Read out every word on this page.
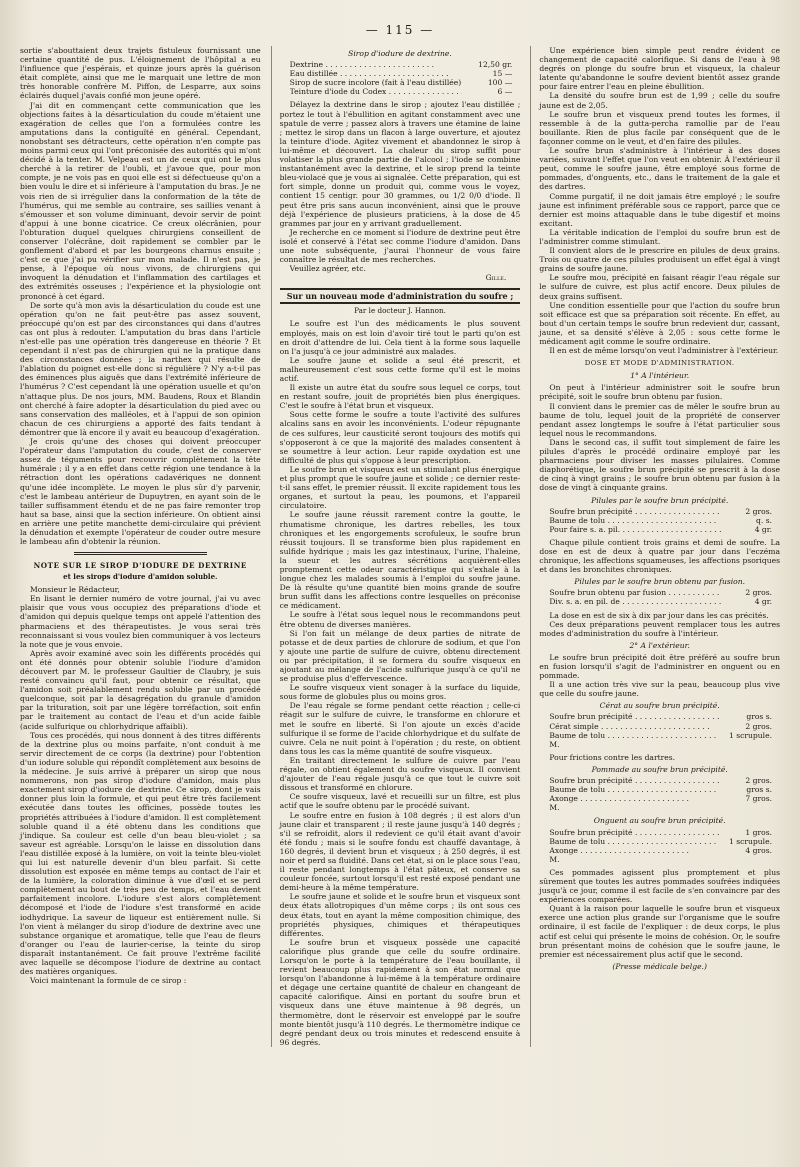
— 115 —

sortie s'abouttaient deux trajets fistuleux fournissant une certaine quantité de pus. L'éloignement de l'hôpital a eu l'influence que j'espérais, et quinze jours après la guérison était complète, ainsi que me le marquait une lettre de mon très honorable confrère M. Piffon, de Lesparre, aux soins éclairés duquel j'avais confié mon jeune opéré.

J'ai dit en commençant cette communication que les objections faites à la désarticulation du coude m'étaient une exagération de celles que l'on a formulées contre les amputations dans la contiguïté en général. Cependant, nonobstant ses détracteurs, cette opération n'en compte pas moins parmi ceux qui l'ont préconisée des autorités qui m'ont décidé à la tenter. M. Velpeau est un de ceux qui ont le plus cherché à la retirer de l'oubli, et j'avoue que, pour mon compte, je ne vois pas en quoi elle est si défectueuse qu'on a bien voulu le dire et si inférieure à l'amputation du bras. Je ne vois rien de si irrégulier dans la conformation de la tête de l'humérus, qui me semble au contraire, ses saillies venant à s'émousser et son volume diminuant, devoir servir de point d'appui à une bonne cicatrice. Ce creux olécrânien, pour l'obturation duquel quelques chirurgiens conseillent de conserver l'olécrâne, doit rapidement se combler par le gonflement d'abord et par les bourgeons charnus ensuite ; c'est ce que j'ai pu vérifier sur mon malade. Il n'est pas, je pense, à l'époque où nous vivons, de chirurgiens qui invoquent la dénudation et l'inflammation des cartilages et des extrémités osseuses ; l'expérience et la physiologie ont prononcé à cet égard.

De sorte qu'à mon avis la désarticulation du coude est une opération qu'on ne fait peut-être pas assez souvent, préoccupé qu'on est par des circonstances qui dans d'autres cas ont plus à redouter. L'amputation du bras dans l'article n'est-elle pas une opération très dangereuse en théorie ? Et cependant il n'est pas de chirurgien qui ne la pratique dans des circonstances données ; la narthex qui résulte de l'ablation du poignet est-elle donc si régulière ? N'y a-t-il pas des éminences plus aiguës que dans l'extrémité inférieure de l'humérus ? C'est cependant là une opération usuelle et qu'on n'attaque plus. De nos jours, MM. Baudens, Roux et Blandin ont cherché à faire adopter la désarticulation du pied avec ou sans conservation des malléoles, et à l'appui de son opinion chacun de ces chirurgiens a apporté des faits tendant à démontrer que là encore il y avait eu beaucoup d'exagération.

Je crois qu'une des choses qui doivent préoccuper l'opérateur dans l'amputation du coude, c'est de conserver assez de téguments pour recouvrir complètement la tête humérale ; il y a en effet dans cette région une tendance à la rétraction dont les opérations cadavériques ne donnent qu'une idée incomplète. Le moyen le plus sûr d'y parvenir, c'est le lambeau antérieur de Dupuytren, en ayant soin de le tailler suffisamment étendu et de ne pas faire remonter trop haut sa base, ainsi que la section inférieure. On obtient ainsi en arrière une petite manchette demi-circulaire qui prévient la dénudation et exempte l'opérateur de couder outre mesure le lambeau afin d'obtenir la réunion.

NOTE SUR LE SIROP D'IODURE DE DEXTRINE
et les sirops d'iodure d'amidon soluble.

Monsieur le Rédacteur,

En lisant le dernier numéro de votre journal, j'ai vu avec plaisir que vous vous occupiez des préparations d'iode et d'amidon qui depuis quelque temps ont appelé l'attention des pharmaciens et des thérapeutistes. Je vous serai très reconnaissant si vous voulez bien communiquer à vos lecteurs la note que je vous envoie.

Après avoir examiné avec soin les différents procédés qui ont été donnés pour obtenir soluble l'iodure d'amidon découvert par M. le professeur Gaultier de Claubry, je suis resté convaincu qu'il faut, pour obtenir ce résultat, que l'amidon soit préalablement rendu soluble par un procédé quelconque, soit par la désagrégation du granule d'amidon par la trituration, soit par une légère torréfaction, soit enfin par le traitement au contact de l'eau et d'un acide faible (acide sulfurique ou chlorhydrique affaibli).

Tous ces procédés, qui nous donnent à des titres différents de la dextrine plus ou moins parfaite, n'ont conduit à me servir directement de ce corps (la dextrine) pour l'obtention d'un iodure soluble qui répondît complètement aux besoins de la médecine. Je suis arrivé à préparer un sirop que nous nommerons, non pas sirop d'iodure d'amidon, mais plus exactement sirop d'iodure de dextrine. Ce sirop, dont je vais donner plus loin la formule, et qui peut être très facilement exécutée dans toutes les officines, possède toutes les propriétés attribuées à l'iodure d'amidon. Il est complètement soluble quand il a été obtenu dans les conditions que j'indique. Sa couleur est celle d'un beau bleu-violet ; sa saveur est agréable. Lorsqu'on le laisse en dissolution dans l'eau distillée exposé à la lumière, on voit la teinte bleu-violet qui lui est naturelle devenir d'un bleu parfait. Si cette dissolution est exposée en même temps au contact de l'air et de la lumière, la coloration diminue à vue d'œil et se perd complètement au bout de très peu de temps, et l'eau devient parfaitement incolore. L'iodure s'est alors complètement décomposé et l'iode de l'iodure s'est transformé en acide iodhydrique. La saveur de liqueur est entièrement nulle. Si l'on vient à mélanger du sirop d'iodure de dextrine avec une substance organique et aromatique, telle que l'eau de fleurs d'oranger ou l'eau de laurier-cerise, la teinte du sirop disparaît instantanément. Ce fait prouve l'extrême facilité avec laquelle se décompose l'iodure de dextrine au contact des matières organiques.

Voici maintenant la formule de ce sirop :

Sirop d'iodure de dextrine.
Dextrine . . .	12,50 gr.
Eau distillée . . .	15 —
Sirop de sucre incolore (fait à l'eau distillée) . . .	100 —
Teinture d'iode du Codex . . .	6 —

Délayez la dextrine dans le sirop ; ajoutez l'eau distillée ; portez le tout à l'ébullition en agitant constamment avec une spatule de verre ; passez alors à travers une étamine de laine ; mettez le sirop dans un flacon à large ouverture, et ajoutez la teinture d'iode. Agitez vivement et abandonnez le sirop à lui-même et découvert. La chaleur du sirop suffit pour volatiser la plus grande partie de l'alcool ; l'iode se combine instantanément avec la dextrine, et le sirop prend la teinte bleu-violacé que je vous ai signalée. Cette préparation, qui est fort simple, donne un produit qui, comme vous le voyez, contient 15 centigr. pour 30 grammes, ou 1/2 0/0 d'iode. Il peut être pris sans aucun inconvénient, ainsi que le prouve déjà l'expérience de plusieurs praticiens, à la dose de 45 grammes par jour en y arrivant graduellement.

Je recherche en ce moment si l'iodure de dextrine peut être isolé et conservé à l'état sec comme l'iodure d'amidon. Dans une note subséquente, j'aurai l'honneur de vous faire connaître le résultat de mes recherches.

Veuillez agréer, etc.

Gille.
Sur un nouveau mode d'administration du soufre ;
Par le docteur J. Hannon.

Le soufre est l'un des médicaments le plus souvent employés, mais on est loin d'avoir tiré tout le parti qu'on est en droit d'attendre de lui. Cela tient à la forme sous laquelle on l'a jusqu'à ce jour administré aux malades.

Le soufre jaune et solide a seul été prescrit, et malheureusement c'est sous cette forme qu'il est le moins actif.

Il existe un autre état du soufre sous lequel ce corps, tout en restant soufre, jouit de propriétés bien plus énergiques. C'est le soufre à l'état brun et visqueux.

Sous cette forme le soufre a toute l'activité des sulfures alcalins sans en avoir les inconvénients. L'odeur répugnante de ces sulfures, leur causticité seront toujours des motifs qui s'opposeront à ce que la majorité des malades consentent à se soumettre à leur action. Leur rapide oxydation est une difficulté de plus qui s'oppose à leur prescription.

Le soufre brun et visqueux est un stimulant plus énergique et plus prompt que le soufre jaune et solide ; ce dernier reste-t-il sans effet, le premier réussit. Il excite rapidement tous les organes, et surtout la peau, les poumons, et l'appareil circulatoire.

Le soufre jaune réussit rarement contre la goutte, le rhumatisme chronique, les dartres rebelles, les toux chroniques et les engorgements scrofuleux, le soufre brun réussit toujours. Il se transforme bien plus rapidement en sulfide hydrique ; mais les gaz intestinaux, l'urine, l'haleine, la sueur et les autres sécrétions acquièrent-elles promptement cette odeur caractéristique qui s'exhale à la longue chez les malades soumis à l'emploi du soufre jaune. De là résulte qu'une quantité bien moins grande de soufre brun suffit dans les affections contre lesquelles on préconise ce médicament.

Le soufre à l'état sous lequel nous le recommandons peut être obtenu de diverses manières.

Si l'on fait un mélange de deux parties de nitrate de potasse et de deux parties de chlorure de sodium, et que l'on y ajoute une partie de sulfure de cuivre, obtenu directement ou par précipitation, il se formera du soufre visqueux en ajoutant au mélange de l'acide sulfurique jusqu'à ce qu'il ne se produise plus d'effervescence.

Le soufre visqueux vient sonager à la surface du liquide, sous forme de globules plus ou moins gros.

De l'eau régale se forme pendant cette réaction ; celle-ci réagit sur le sulfure de cuivre, le transforme en chlorure et met le soufre en liberté. Si l'on ajoute un excès d'acide sulfurique il se forme de l'acide chlorhydrique et du sulfate de cuivre. Cela ne nuit point à l'opération ; du reste, on obtient dans tous les cas la même quantité de soufre visqueux.

En traitant directement le sulfure de cuivre par l'eau régale, on obtient également du soufre visqueux. Il convient d'ajouter de l'eau régale jusqu'à ce que tout le cuivre soit dissous et transformé en chlorure.

Ce soufre visqueux, lavé et recueilli sur un filtre, est plus actif que le soufre obtenu par le procédé suivant.

Le soufre entre en fusion à 108 degrés ; il est alors d'un jaune clair et transparent ; il reste jaune jusqu'à 140 degrés ; s'il se refroidit, alors il redevient ce qu'il était avant d'avoir été fondu ; mais si le soufre fondu est chauffé davantage, à 160 degrés, il devient brun et visqueux ; à 250 degrés, il est noir et perd sa fluidité. Dans cet état, si on le place sous l'eau, il reste pendant longtemps à l'état pâteux, et conserve sa couleur foncée, surtout lorsqu'il est resté exposé pendant une demi-heure à la même température.

Le soufre jaune et solide et le soufre brun et visqueux sont deux états allotropiques d'un même corps ; ils ont sous ces deux états, tout en ayant la même composition chimique, des propriétés physiques, chimiques et thérapeutiques différentes.

Le soufre brun et visqueux possède une capacité calorifique plus grande que celle du soufre ordinaire. Lorsqu'on le porte à la température de l'eau bouillante, il revient beaucoup plus rapidement à son état normal que lorsqu'on l'abandonne à lui-même à la température ordinaire et dégage une certaine quantité de chaleur en changeant de capacité calorifique. Ainsi en portant du soufre brun et visqueux dans une étuve maintenue à 98 degrés, un thermomètre, dont le réservoir est enveloppé par le soufre monte bientôt jusqu'à 110 degrés. Le thermomètre indique ce degré pendant deux ou trois minutes et redescend ensuite à 96 degrés.

Une expérience bien simple peut rendre évident ce changement de capacité calorifique. Si dans de l'eau à 98 degrés on plonge du soufre brun et visqueux, la chaleur latente qu'abandonne le soufre devient bientôt assez grande pour faire entrer l'eau en pleine ébullition.

La densité du soufre brun est de 1,99 ; celle du soufre jaune est de 2,05.

Le soufre brun et visqueux prend toutes les formes, il ressemble à de la gutta-percha ramollie par de l'eau bouillante. Rien de plus facile par conséquent que de le façonner comme on le veut, et d'en faire des pilules.

Le soufre brun s'administre à l'intérieur à des doses variées, suivant l'effet que l'on veut en obtenir. À l'extérieur il peut, comme le soufre jaune, être employé sous forme de pommades, d'onguents, etc., dans le traitement de la gale et des dartres.

Comme purgatif, il ne doit jamais être employé ; le soufre jaune est infiniment préférable sous ce rapport, parce que ce dernier est moins attaquable dans le tube digestif et moins excitant.

La véritable indication de l'emploi du soufre brun est de l'administrer comme stimulant.

Il convient alors de le prescrire en pilules de deux grains. Trois ou quatre de ces pilules produisent un effet égal à vingt grains de soufre jaune.

Le soufre mou, précipité en faisant réagir l'eau régale sur le sulfure de cuivre, est plus actif encore. Deux pilules de deux grains suffisent.

Une condition essentielle pour que l'action du soufre brun soit efficace est que sa préparation soit récente. En effet, au bout d'un certain temps le soufre brun redevient dur, cassant, jaune, et sa densité s'élève à 2,05 : sous cette forme le médicament agit comme le soufre ordinaire.

Il en est de même lorsqu'on veut l'administrer à l'extérieur.

DOSE ET MODE D'ADMINISTRATION.
1° A l'intérieur.

On peut à l'intérieur administrer soit le soufre brun précipité, soit le soufre brun obtenu par fusion.

Il convient dans le premier cas de mêler le soufre brun au baume de tolu, lequel jouit de la propriété de conserver pendant assez longtemps le soufre à l'état particulier sous lequel nous le recommandons.

Dans le second cas, il suffit tout simplement de faire les pilules d'après le procédé ordinaire employé par les pharmaciens pour diviser les masses pilulaires. Comme diaphorétique, le soufre brun précipité se prescrit à la dose de cinq à vingt grains ; le soufre brun obtenu par fusion à la dose de vingt à cinquante grains.

Pilules par le soufre brun précipité.
Soufre brun précipité . . .	2 gros.
Baume de tolu . . .	q. s.
Pour faire s. a. pil. . . .	4 gr.

Chaque pilule contient trois grains et demi de soufre. La dose en est de deux à quatre par jour dans l'eczéma chronique, les affections squameuses, les affections psoriques et dans les bronchites chroniques.

Pilules par le soufre brun obtenu par fusion.
Soufre brun obtenu par fusion . . .	2 gros.
Div. s. a. en pil. de . . .	4 gr.

La dose en est de six à dix par jour dans les cas précités.

Ces deux préparations peuvent remplacer tous les autres modes d'administration du soufre à l'intérieur.

2° A l'extérieur.

Le soufre brun précipité doit être préféré au soufre brun en fusion lorsqu'il s'agit de l'administrer en onguent ou en pommade.

Il a une action très vive sur la peau, beaucoup plus vive que celle du soufre jaune.

Cérat au soufre brun précipité.
Soufre brun précipité . . .	gros s.
Cérat simple . . .	2 gros.
Baume de tolu . . .	1 scrupule.
M.

Pour frictions contre les dartres.

Pommade au soufre brun précipité.
Soufre brun précipité . . .	2 gros.
Baume de tolu . . .	gros s.
Axonge . . .	7 gros.
M.
Onguent au soufre brun précipité.
Soufre brun précipité . . .	1 gros.
Baume de tolu . . .	1 scrupule.
Axonge . . .	4 gros.
M.

Ces pommades agissent plus promptement et plus sûrement que toutes les autres pommades soufrées indiquées jusqu'à ce jour, comme il est facile de s'en convaincre par des expériences comparées.

Quant à la raison pour laquelle le soufre brun et visqueux exerce une action plus grande sur l'organisme que le soufre ordinaire, il est facile de l'expliquer : de deux corps, le plus actif est celui qui présente le moins de cohésion. Or, le soufre brun présentant moins de cohésion que le soufre jaune, le premier est nécessairement plus actif que le second.

(Presse médicale belge.)
